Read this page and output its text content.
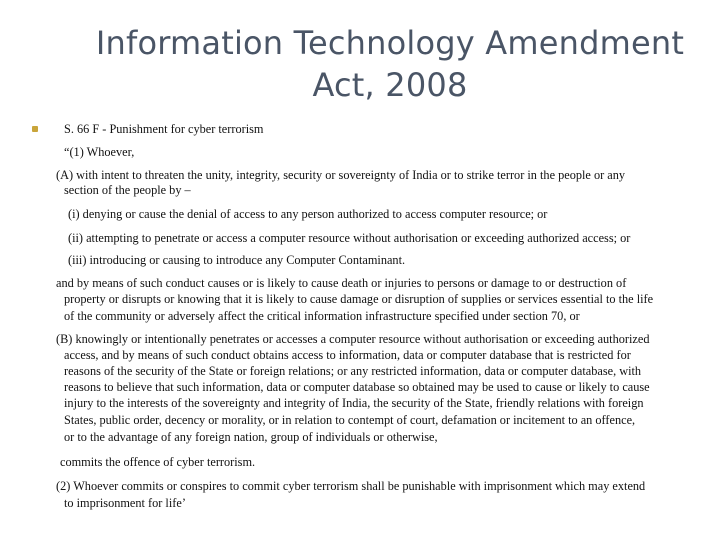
Information Technology Amendment
Act, 2008
S. 66 F - Punishment for cyber terrorism
“(1) Whoever,
(A) with intent to threaten the unity, integrity, security or sovereignty of India or to strike terror in the people or any
section of the people by –
(i) denying or cause the denial of access to any person authorized to access computer resource; or
(ii) attempting to penetrate or access a computer resource without authorisation or exceeding authorized access; or
(iii) introducing or causing to introduce any Computer Contaminant.
and by means of such conduct causes or is likely to cause death or injuries to persons or damage to or destruction of
property or disrupts or knowing that it is likely to cause damage or disruption of supplies or services essential to the life
of the community or adversely affect the critical information infrastructure specified under section 70, or
(B) knowingly or intentionally penetrates or accesses a computer resource without authorisation or exceeding authorized
access, and by means of such conduct obtains access to information, data or computer database that is restricted for
reasons of the security of the State or foreign relations; or any restricted information, data or computer database, with
reasons to believe that such information, data or computer database so obtained may be used to cause or likely to cause
injury to the interests of the sovereignty and integrity of India, the security of the State, friendly relations with foreign
States, public order, decency or morality, or in relation to contempt of court, defamation or incitement to an offence,
or to the advantage of any foreign nation, group of individuals or otherwise,
commits the offence of cyber terrorism.
(2) Whoever commits or conspires to commit cyber terrorism shall be punishable with imprisonment which may extend
to imprisonment for life’
